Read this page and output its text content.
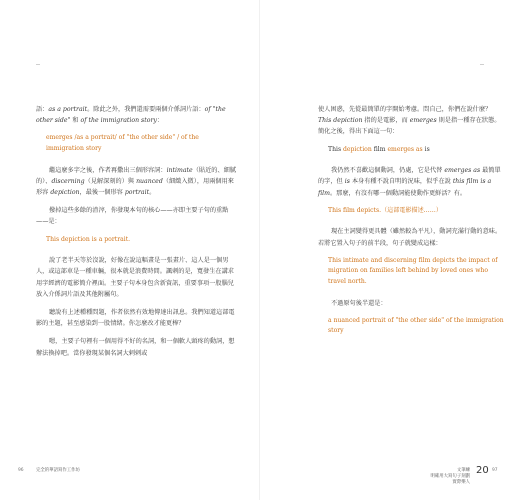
語：as a portrait。除此之外，我們還需要兩個介係詞片語：of "the other side" 和 of the immigration story：

emerges /as a portrait/ of "the other side" / of the immigration story

繼這麼多字之後，作者再撒出三個形容詞：intimate（貼近的、細膩的）、discerning（見解深刻的）與 nuanced（細緻入微），用兩個用來形容 depiction，最後一個形容 portrait。

撥掉這些多餘的渣滓，你發現本句的核心——亦即主要子句的重點——是：

This depiction is a portrait.

說了老半天等於沒說，好像在說這幅畫是一張畫片、這人是一個男人，或這部車是一種車輛，很本就是浪費時間。諷刺的是，寬發生在講求用字經濟的電影簡介裡面。主要子句本身包含新資訊，重要事項一股腦兒放入介係詞片語及其他附屬句。

聽說有上述種種問題，作者依然有效地傳達出訊息。我們知道這部電影的主題，甚至感染到一股情緒。你怎麼改才能更棒？

嗯，主要子句裡有一個用得不好的名詞，和一個軟人頭疼的動詞，想辦法換掉吧。當你發現某個名詞大剌剌或

96	完全的華語寫作工作坊

使人困惑，先從最簡單的字開始考慮。問自己，你們在說什麼？This depiction 指的是電影，而 emerges 則是指一種存在狀態。簡化之後，得出下面這一句：

This depiction film emerges as is

我仍然不喜歡這個動詞，仍處，它是代替 emerges as 最簡單的字，但 is 本身有種不說自明的況味，似乎在說 this film is a film。那麼，有沒有哪一個動詞能使動作更鮮活？有。

This film depicts.（這部電影描述……）

現在主詞變得更具體（雖然較為平凡），動詞充滿行動的意味。若將它置入句子的前半段，句子就變成這樣：

This intimate and discerning film depicts the impact of migration on families left behind by loved ones who travel north.

不過原句後半還是：

a nuanced portrait of "the other side" of the immigration story

文筆練
明確用大寫句子刻劃實際樂人
20 97
